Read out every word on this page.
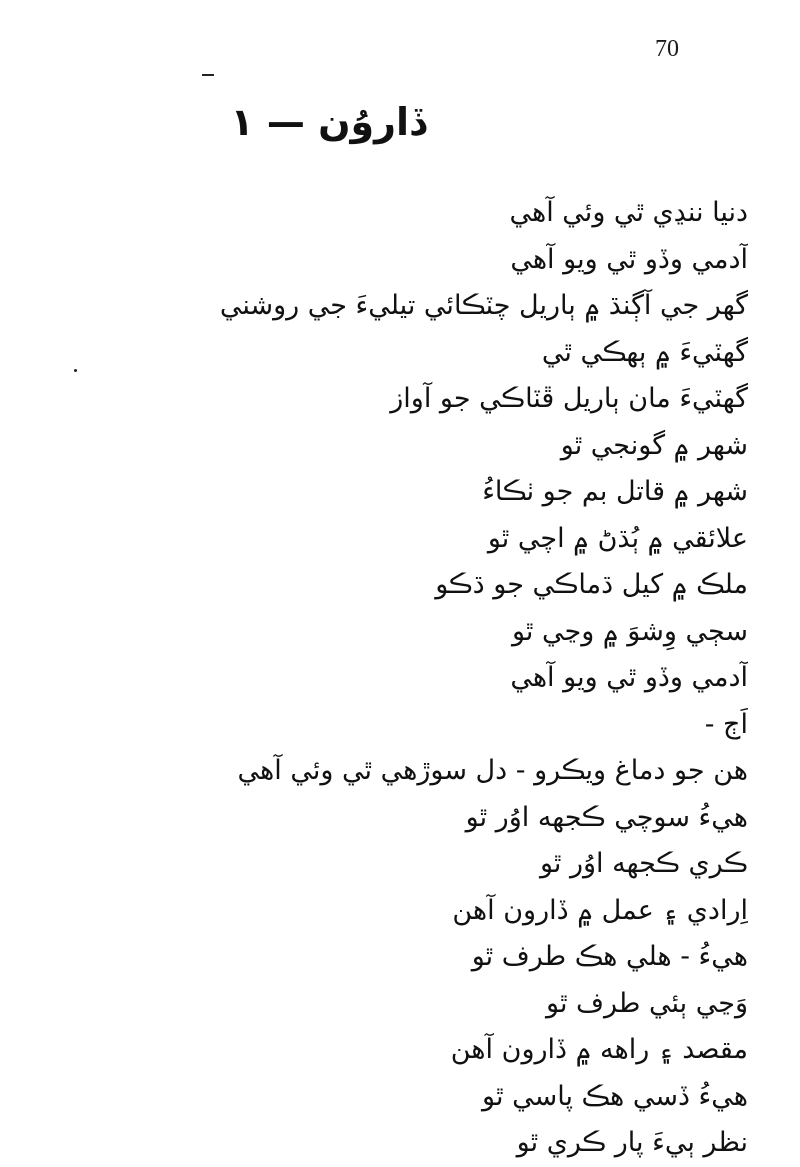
70
ڏاروُن — ١
دنيا ننڍي ٿي وئي آهي
آدمي وڏو ٿي ويو آهي
گهر جي آڳنڌ ۾ ٻاريل چٽڪائي تيليءَ جي روشني
گهٽيءَ ۾ ٻهڪي ٿي
گهٽيءَ مان ٻاريل ڦٽاڪي جو آواز
شهر ۾ گونجي ٿو
شهر ۾ قاتل بم جو ٺڪاءُ
علائقي ۾ ٻُڌڻ ۾ اچي ٿو
ملڪ ۾ کيل ڌماڪي جو ڌڪو
سڄي وِشوَ ۾ وڃي ٿو
آدمي وڏو ٿي ويو آهي
اَڄ -
هن جو دماغ ويڪرو - دل سوڙهي ٿي وئي آهي
هيءُ سوچي ڪجهه اوُر ٿو
ڪري ڪجهه اوُر ٿو
اِرادي ۽ عمل ۾ ڏارون آهن
هيءُ - هلي هڪ طرف ٿو
وَڃي ٻئي طرف ٿو
مقصد ۽ راهه ۾ ڏارون آهن
هيءُ ڏسي هڪ پاسي ٿو
نظر ٻيءَ پار ڪري ٿو
